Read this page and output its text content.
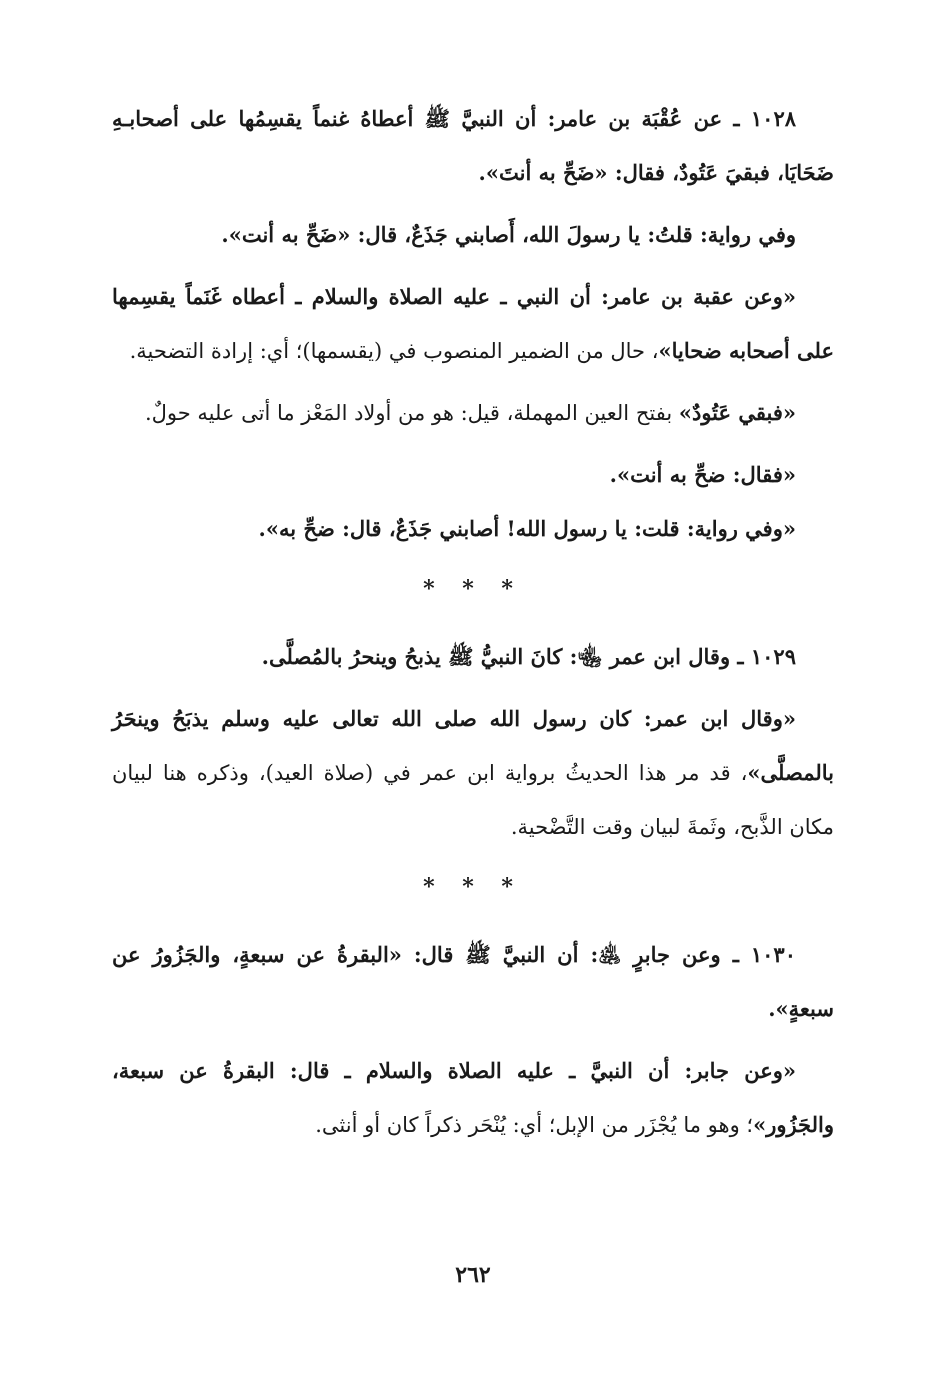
١٠٢٨ ـ عن عُقْبَة بن عامر: أن النبيَّ ﷺ أعطاهُ غنماً يقسِمُها على أصحابـهِ ضَحَايَا، فبقيَ عَتُودٌ، فقال: «ضَحِّ به أنتَ».

وفي رواية: قلتُ: يا رسولَ الله، أَصابني جَذَعٌ، قال: «ضَحِّ به أنت».

«وعن عقبة بن عامر: أن النبي ـ عليه الصلاة والسلام ـ أعطاه غَنَماً يقسِمها على أصحابه ضحايا»، حال من الضمير المنصوب في (يقسمها)؛ أي: إرادة التضحية.

«فبقي عَتُودٌ» بفتح العين المهملة، قيل: هو من أولاد المَعْز ما أتى عليه حولٌ.

«فقال: ضحِّ به أنت».

«وفي رواية: قلت: يا رسول الله! أصابني جَذَعٌ، قال: ضحِّ به».

* * *

١٠٢٩ ـ وقال ابن عمر ﵄: كانَ النبيُّ ﷺ يذبحُ وينحرُ بالمُصلَّى.

«وقال ابن عمر: كان رسول الله صلى الله تعالى عليه وسلم يذبَحُ وينحَرُ بالمصلَّى»، قد مر هذا الحديثُ برواية ابن عمر في (صلاة العيد)، وذكره هنا لبيان مكان الذَّبح، وثَمةَ لبيان وقت التَّضْحية.

* * *

١٠٣٠ ـ وعن جابرٍ ﵁: أن النبيَّ ﷺ قال: «البقرةُ عن سبعةٍ، والجَزُورُ عن سبعةٍ».

«وعن جابر: أن النبيَّ ـ عليه الصلاة والسلام ـ قال: البقرةُ عن سبعة، والجَزُور»؛ وهو ما يُجْزَر من الإبل؛ أي: يُنْحَر ذكراً كان أو أنثى.

٢٦٢
